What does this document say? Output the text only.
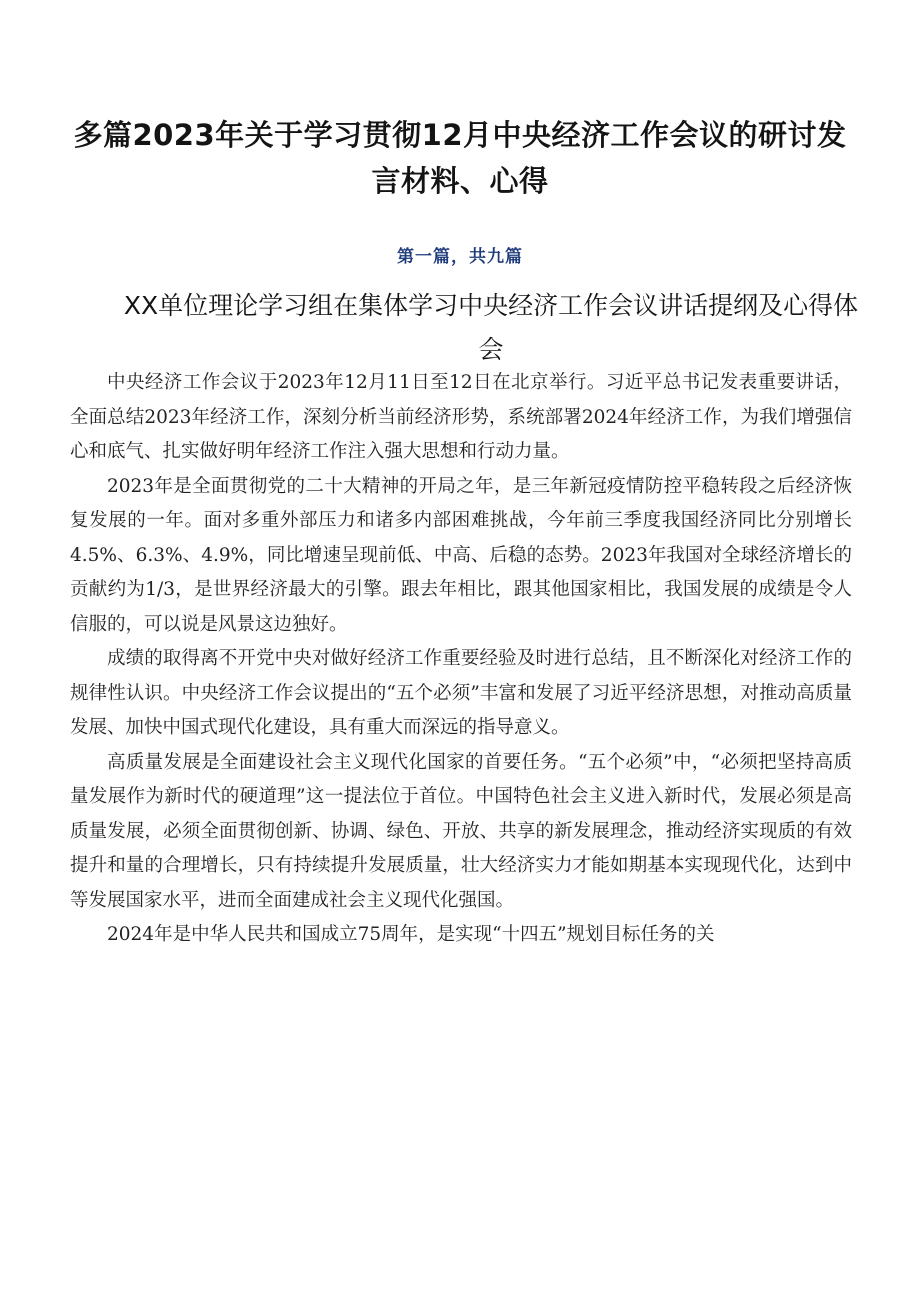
多篇2023年关于学习贯彻12月中央经济工作会议的研讨发言材料、心得
第一篇，共九篇
XX单位理论学习组在集体学习中央经济工作会议讲话提纲及心得体会

中央经济工作会议于2023年12月11日至12日在北京举行。习近平总书记发表重要讲话，全面总结2023年经济工作，深刻分析当前经济形势，系统部署2024年经济工作，为我们增强信心和底气、扎实做好明年经济工作注入强大思想和行动力量。

2023年是全面贯彻党的二十大精神的开局之年，是三年新冠疫情防控平稳转段之后经济恢复发展的一年。面对多重外部压力和诸多内部困难挑战，今年前三季度我国经济同比分别增长4.5%、6.3%、4.9%，同比增速呈现前低、中高、后稳的态势。2023年我国对全球经济增长的贡献约为1/3，是世界经济最大的引擎。跟去年相比，跟其他国家相比，我国发展的成绩是令人信服的，可以说是风景这边独好。

成绩的取得离不开党中央对做好经济工作重要经验及时进行总结，且不断深化对经济工作的规律性认识。中央经济工作会议提出的“五个必须”丰富和发展了习近平经济思想，对推动高质量发展、加快中国式现代化建设，具有重大而深远的指导意义。

高质量发展是全面建设社会主义现代化国家的首要任务。“五个必须”中，“必须把坚持高质量发展作为新时代的硬道理”这一提法位于首位。中国特色社会主义进入新时代，发展必须是高质量发展，必须全面贯彻创新、协调、绿色、开放、共享的新发展理念，推动经济实现质的有效提升和量的合理增长，只有持续提升发展质量，壮大经济实力才能如期基本实现现代化，达到中等发展国家水平，进而全面建成社会主义现代化强国。

2024年是中华人民共和国成立75周年，是实现“十四五”规划目标任务的关
